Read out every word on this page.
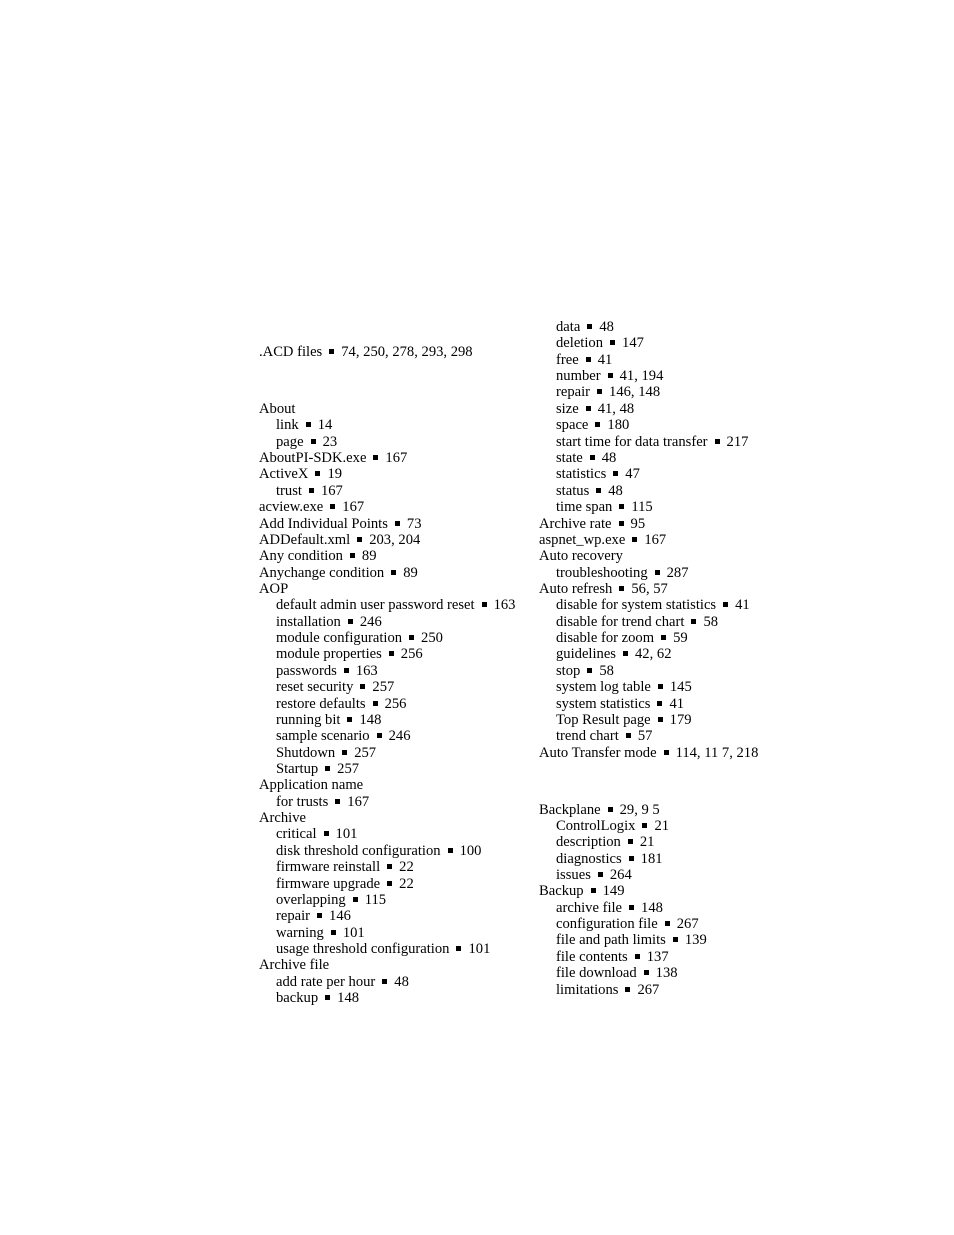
.ACD files 74, 250, 278, 293, 298
About
link 14
page 23
AboutPI-SDK.exe 167
ActiveX 19
trust 167
acview.exe 167
Add Individual Points 73
ADDefault.xml 203, 204
Any condition 89
Anychange condition 89
AOP
default admin user password reset 163
installation 246
module configuration 250
module properties 256
passwords 163
reset security 257
restore defaults 256
running bit 148
sample scenario 246
Shutdown 257
Startup 257
Application name
for trusts 167
Archive
critical 101
disk threshold configuration 100
firmware reinstall 22
firmware upgrade 22
overlapping 115
repair 146
warning 101
usage threshold configuration 101
Archive file
add rate per hour 48
backup 148
data 48
deletion 147
free 41
number 41, 194
repair 146, 148
size 41, 48
space 180
start time for data transfer 217
state 48
statistics 47
status 48
time span 115
Archive rate 95
aspnet_wp.exe 167
Auto recovery
troubleshooting 287
Auto refresh 56, 57
disable for system statistics 41
disable for trend chart 58
disable for zoom 59
guidelines 42, 62
stop 58
system log table 145
system statistics 41
Top Result page 179
trend chart 57
Auto Transfer mode 114, 11 7, 218
Backplane 29, 9 5
ControlLogix 21
description 21
diagnostics 181
issues 264
Backup 149
archive file 148
configuration file 267
file and path limits 139
file contents 137
file download 138
limitations 267
